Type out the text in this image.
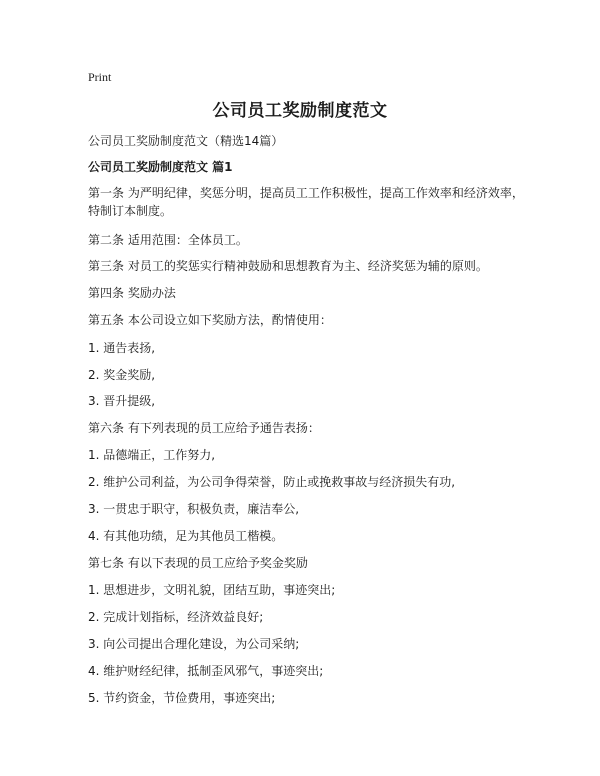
Print
公司员工奖励制度范文
公司员工奖励制度范文（精选14篇）
公司员工奖励制度范文 篇1
第一条 为严明纪律，奖惩分明，提高员工工作积极性，提高工作效率和经济效率，特制订本制度。
第二条 适用范围：全体员工。
第三条 对员工的奖惩实行精神鼓励和思想教育为主、经济奖惩为辅的原则。
第四条 奖励办法
第五条 本公司设立如下奖励方法，酌情使用：
1. 通告表扬,
2. 奖金奖励,
3. 晋升提级,
第六条 有下列表现的员工应给予通告表扬：
1. 品德端正，工作努力,
2. 维护公司利益，为公司争得荣誉，防止或挽救事故与经济损失有功,
3. 一贯忠于职守，积极负责，廉洁奉公,
4. 有其他功绩，足为其他员工楷模。
第七条 有以下表现的员工应给予奖金奖励
1. 思想进步，文明礼貌，团结互助，事迹突出;
2. 完成计划指标，经济效益良好;
3. 向公司提出合理化建设，为公司采纳;
4. 维护财经纪律，抵制歪风邪气，事迹突出;
5. 节约资金，节俭费用，事迹突出;
